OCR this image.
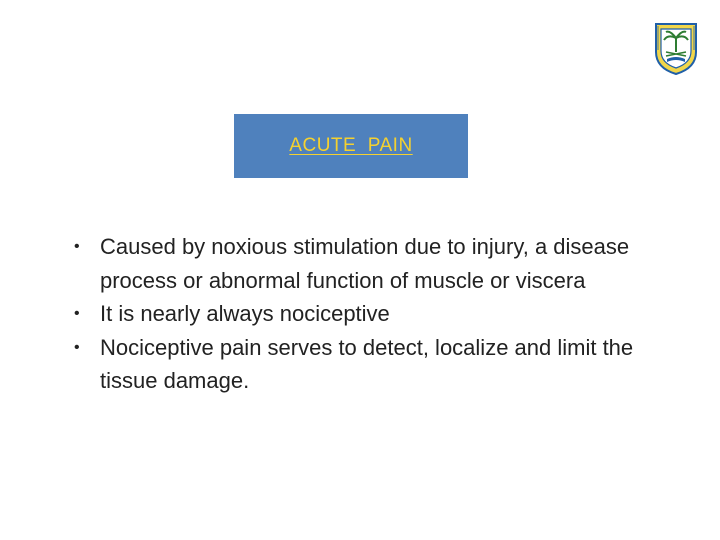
ACUTE  PAIN
• Caused by noxious stimulation due to injury, a disease process or abnormal function of muscle or viscera
• It is nearly always nociceptive
• Nociceptive pain serves to detect, localize and limit the tissue damage.
